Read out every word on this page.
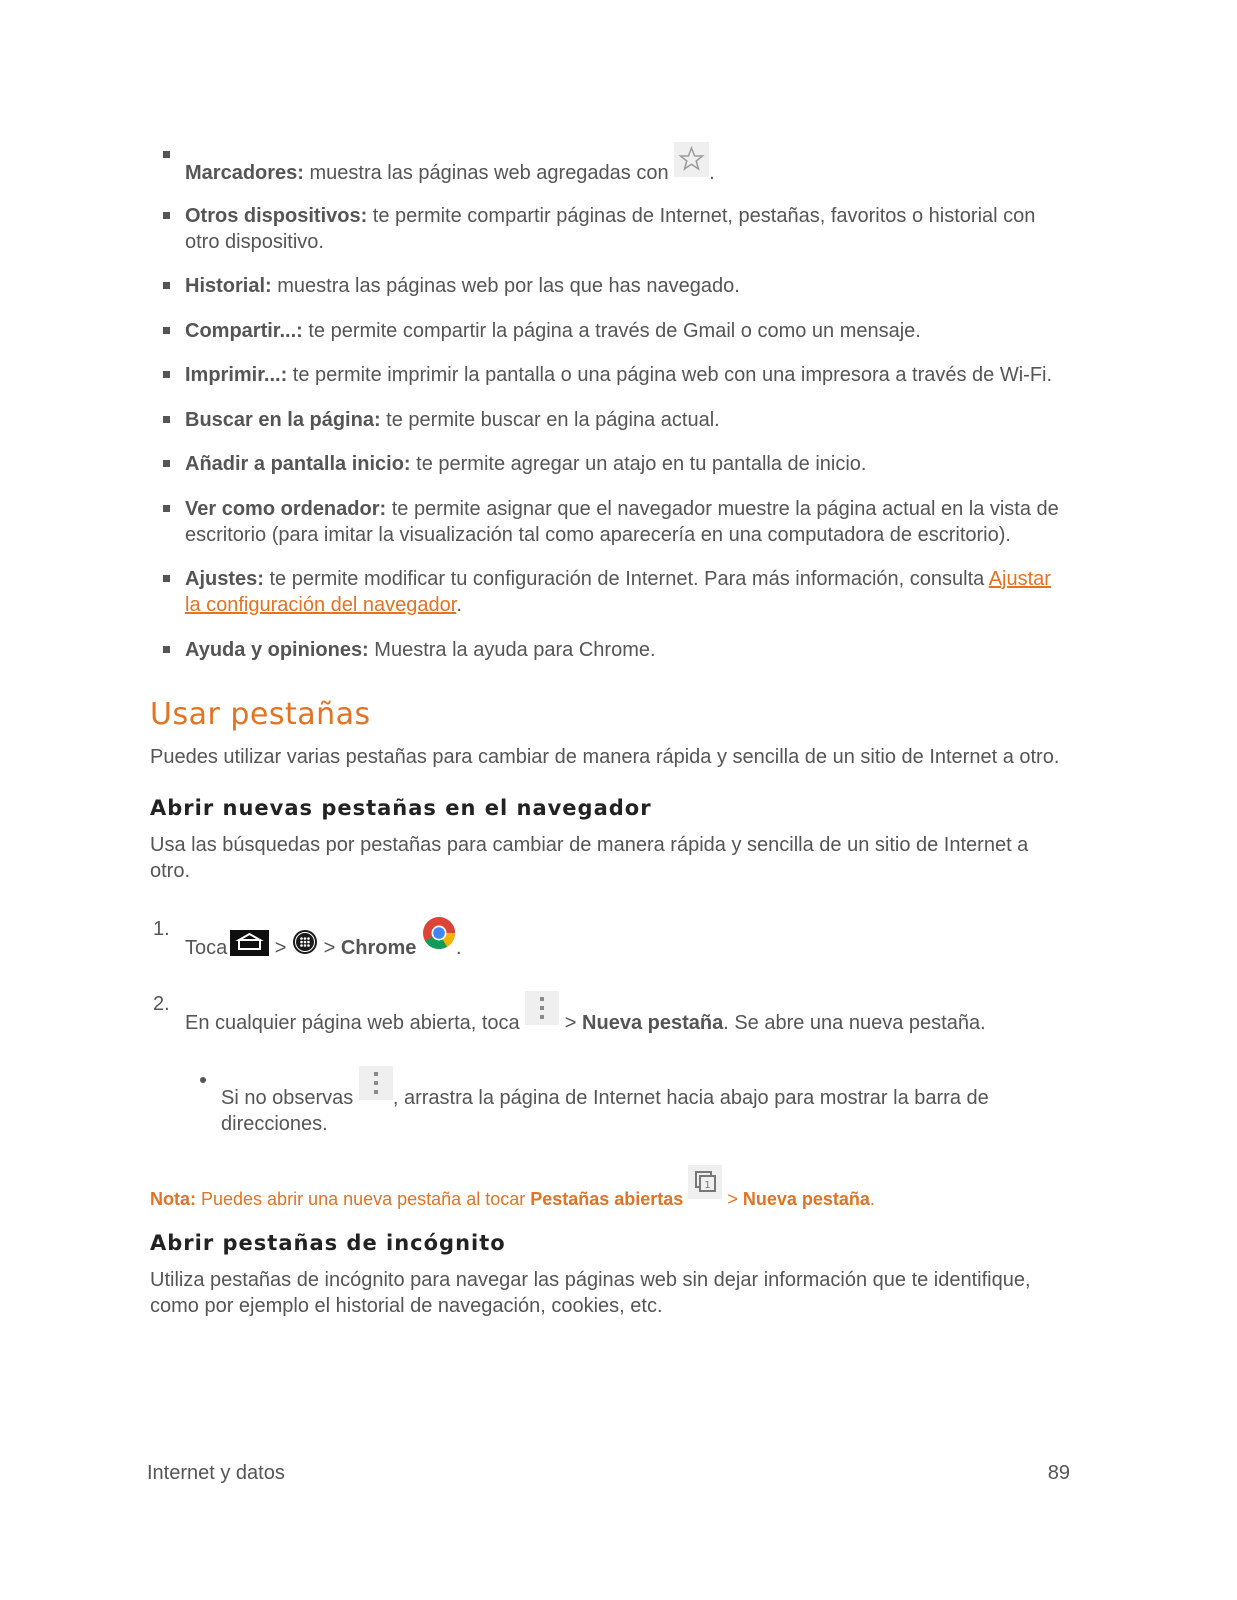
Marcadores: muestra las páginas web agregadas con .
Otros dispositivos: te permite compartir páginas de Internet, pestañas, favoritos o historial con otro dispositivo.
Historial: muestra las páginas web por las que has navegado.
Compartir...: te permite compartir la página a través de Gmail o como un mensaje.
Imprimir...: te permite imprimir la pantalla o una página web con una impresora a través de Wi-Fi.
Buscar en la página: te permite buscar en la página actual.
Añadir a pantalla inicio: te permite agregar un atajo en tu pantalla de inicio.
Ver como ordenador: te permite asignar que el navegador muestre la página actual en la vista de escritorio (para imitar la visualización tal como aparecería en una computadora de escritorio).
Ajustes: te permite modificar tu configuración de Internet. Para más información, consulta Ajustar la configuración del navegador.
Ayuda y opiniones: Muestra la ayuda para Chrome.
Usar pestañas

Puedes utilizar varias pestañas para cambiar de manera rápida y sencilla de un sitio de Internet a otro.

Abrir nuevas pestañas en el navegador

Usa las búsquedas por pestañas para cambiar de manera rápida y sencilla de un sitio de Internet a otro.

1.
Toca >  > Chrome .
2.
En cualquier página web abierta, toca  > Nueva pestaña. Se abre una nueva pestaña.
Si no observas , arrastra la página de Internet hacia abajo para mostrar la barra de direcciones.
Nota: Puedes abrir una nueva pestaña al tocar Pestañas abiertas
1
> Nueva pestaña.
Abrir pestañas de incógnito

Utiliza pestañas de incógnito para navegar las páginas web sin dejar información que te identifique, como por ejemplo el historial de navegación, cookies, etc.

Internet y datos	89
